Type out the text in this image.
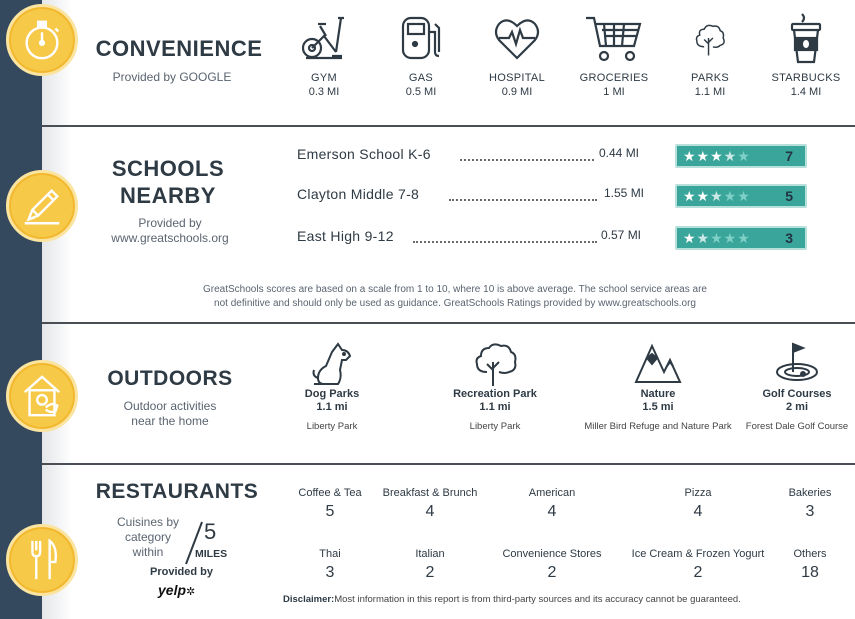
CONVENIENCE
Provided by GOOGLE	GYM
0.3 MI
GAS
0.5 MI
HOSPITAL
0.9 MI
GROCERIES
1 MI
PARKS
1.1 MI
STARBUCKS
1.4 MI
SCHOOLS
NEARBY
Provided by
www.greatschools.org
Emerson School K-6	0.44 MI	★★★★★ 7
Clayton Middle 7-8	1.55 MI	★★★★★ 5
East High 9-12	0.57 MI	★★★★★ 3
GreatSchools scores are based on a scale from 1 to 10, where 10 is above average. The school service areas are
not definitive and should only be used as guidance. GreatSchools Ratings provided by www.greatschools.org
OUTDOORS
Outdoor activities
near the home
Dog Parks
1.1 mi
Liberty Park
Recreation Park
1.1 mi
Liberty Park
Nature
1.5 mi
Miller Bird Refuge and Nature Park
Golf Courses
2 mi
Forest Dale Golf Course
RESTAURANTS
Cuisines by
category
within
5
MILES
Provided by
yelp✲
Coffee & Tea
5
Breakfast & Brunch
4
American
4
Pizza
4
Bakeries
3
Thai
3
Italian
2
Convenience Stores
2
Ice Cream & Frozen Yogurt
2
Others
18
Disclaimer:Most information in this report is from third-party sources and its accuracy cannot be guaranteed.
